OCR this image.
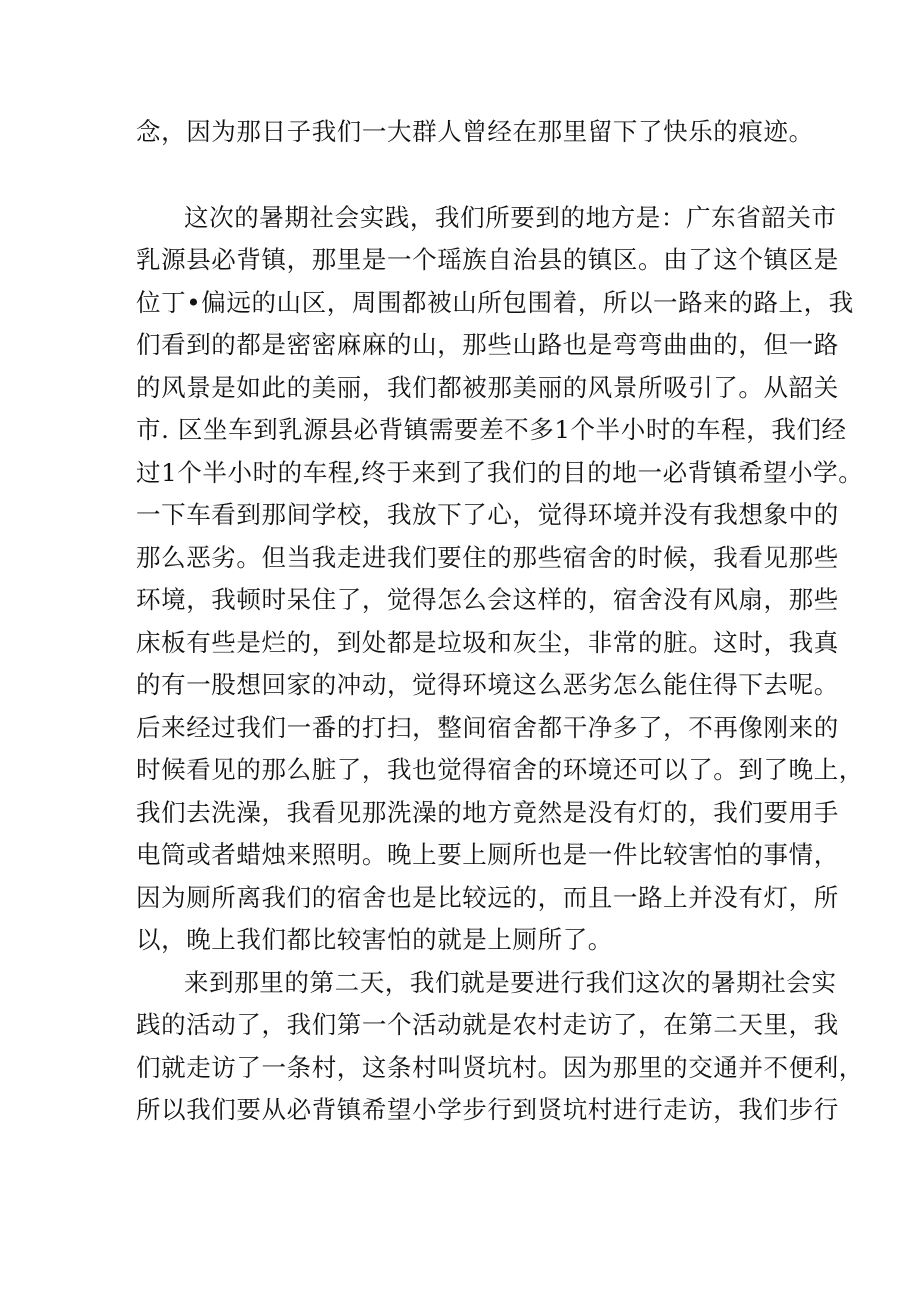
念，因为那日子我们一大群人曾经在那里留下了快乐的痕迹。
这次的暑期社会实践，我们所要到的地方是：广东省韶关市
乳源县必背镇，那里是一个瑶族自治县的镇区。由了这个镇区是
位丁•偏远的山区，周围都被山所包围着，所以一路来的路上，我
们看到的都是密密麻麻的山，那些山路也是弯弯曲曲的，但一路
的风景是如此的美丽，我们都被那美丽的风景所吸引了。从韶关
市. 区坐车到乳源县必背镇需要差不多1个半小时的车程，我们经
过1个半小时的车程,终于来到了我们的目的地一必背镇希望小学。
一下车看到那间学校，我放下了心，觉得环境并没有我想象中的
那么恶劣。但当我走进我们要住的那些宿舍的时候，我看见那些
环境，我顿时呆住了，觉得怎么会这样的，宿舍没有风扇，那些
床板有些是烂的，到处都是垃圾和灰尘，非常的脏。这时，我真
的有一股想回家的冲动，觉得环境这么恶劣怎么能住得下去呢。
后来经过我们一番的打扫，整间宿舍都干净多了，不再像刚来的
时候看见的那么脏了，我也觉得宿舍的环境还可以了。到了晚上，
我们去洗澡，我看见那洗澡的地方竟然是没有灯的，我们要用手
电筒或者蜡烛来照明。晚上要上厕所也是一件比较害怕的事情，
因为厕所离我们的宿舍也是比较远的，而且一路上并没有灯，所
以，晚上我们都比较害怕的就是上厕所了。
来到那里的第二天，我们就是要进行我们这次的暑期社会实
践的活动了，我们第一个活动就是农村走访了，在第二天里，我
们就走访了一条村，这条村叫贤坑村。因为那里的交通并不便利，
所以我们要从必背镇希望小学步行到贤坑村进行走访，我们步行
